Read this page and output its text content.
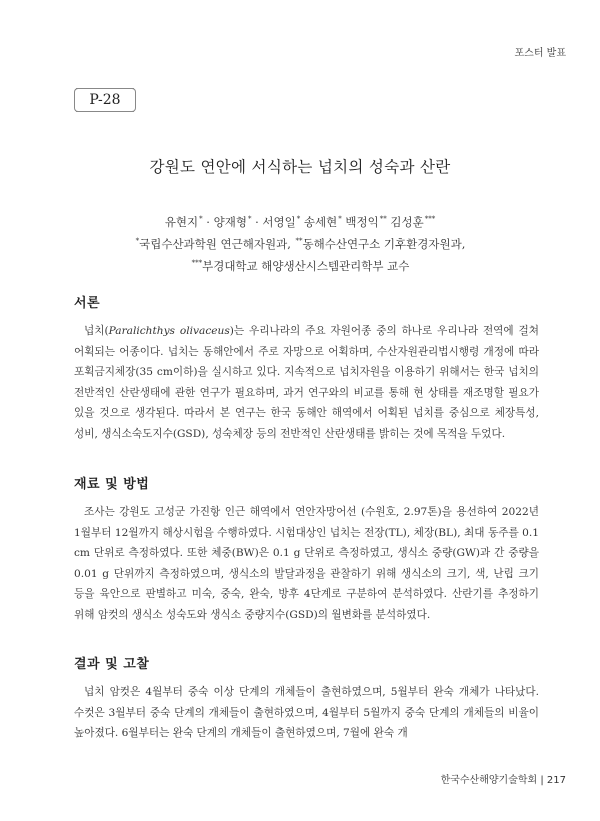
포스터 발표
P-28
강원도 연안에 서식하는 넙치의 성숙과 산란
유현지* · 양재형* · 서영일* 송세현* 백정익** 김성훈***
*국립수산과학원 연근해자원과, **동해수산연구소 기후환경자원과,
***부경대학교 해양생산시스템관리학부 교수
서론

넙치(Paralichthys olivaceus)는 우리나라의 주요 자원어종 중의 하나로 우리나라 전역에 걸쳐 어획되는 어종이다. 넙치는 동해안에서 주로 자망으로 어획하며, 수산자원관리법시행령 개정에 따라 포획금지체장(35 cm이하)을 실시하고 있다. 지속적으로 넙치자원을 이용하기 위해서는 한국 넙치의 전반적인 산란생태에 관한 연구가 필요하며, 과거 연구와의 비교를 통해 현 상태를 재조명할 필요가 있을 것으로 생각된다. 따라서 본 연구는 한국 동해안 해역에서 어획된 넙치를 중심으로 체장특성, 성비, 생식소숙도지수(GSD), 성숙체장 등의 전반적인 산란생태를 밝히는 것에 목적을 두었다.

재료 및 방법

조사는 강원도 고성군 가진항 인근 해역에서 연안자망어선 (수원호, 2.97톤)을 용선하여 2022년 1월부터 12월까지 해상시험을 수행하였다. 시험대상인 넙치는 전장(TL), 체장(BL), 최대 동주를 0.1 cm 단위로 측정하였다. 또한 체중(BW)은 0.1 g 단위로 측정하였고, 생식소 중량(GW)과 간 중량을 0.01 g 단위까지 측정하였으며, 생식소의 발달과정을 관찰하기 위해 생식소의 크기, 색, 난립 크기 등을 육안으로 판별하고 미숙, 중숙, 완숙, 방후 4단계로 구분하여 분석하였다. 산란기를 추정하기 위해 암컷의 생식소 성숙도와 생식소 중량지수(GSD)의 월변화를 분석하였다.

결과 및 고찰

넙치 암컷은 4월부터 중숙 이상 단계의 개체들이 출현하였으며, 5월부터 완숙 개체가 나타났다. 수컷은 3월부터 중숙 단계의 개체들이 출현하였으며, 4월부터 5월까지 중숙 단계의 개체들의 비율이 높아졌다. 6월부터는 완숙 단계의 개체들이 출현하였으며, 7월에 완숙 개

한국수산해양기술학회 | 217
